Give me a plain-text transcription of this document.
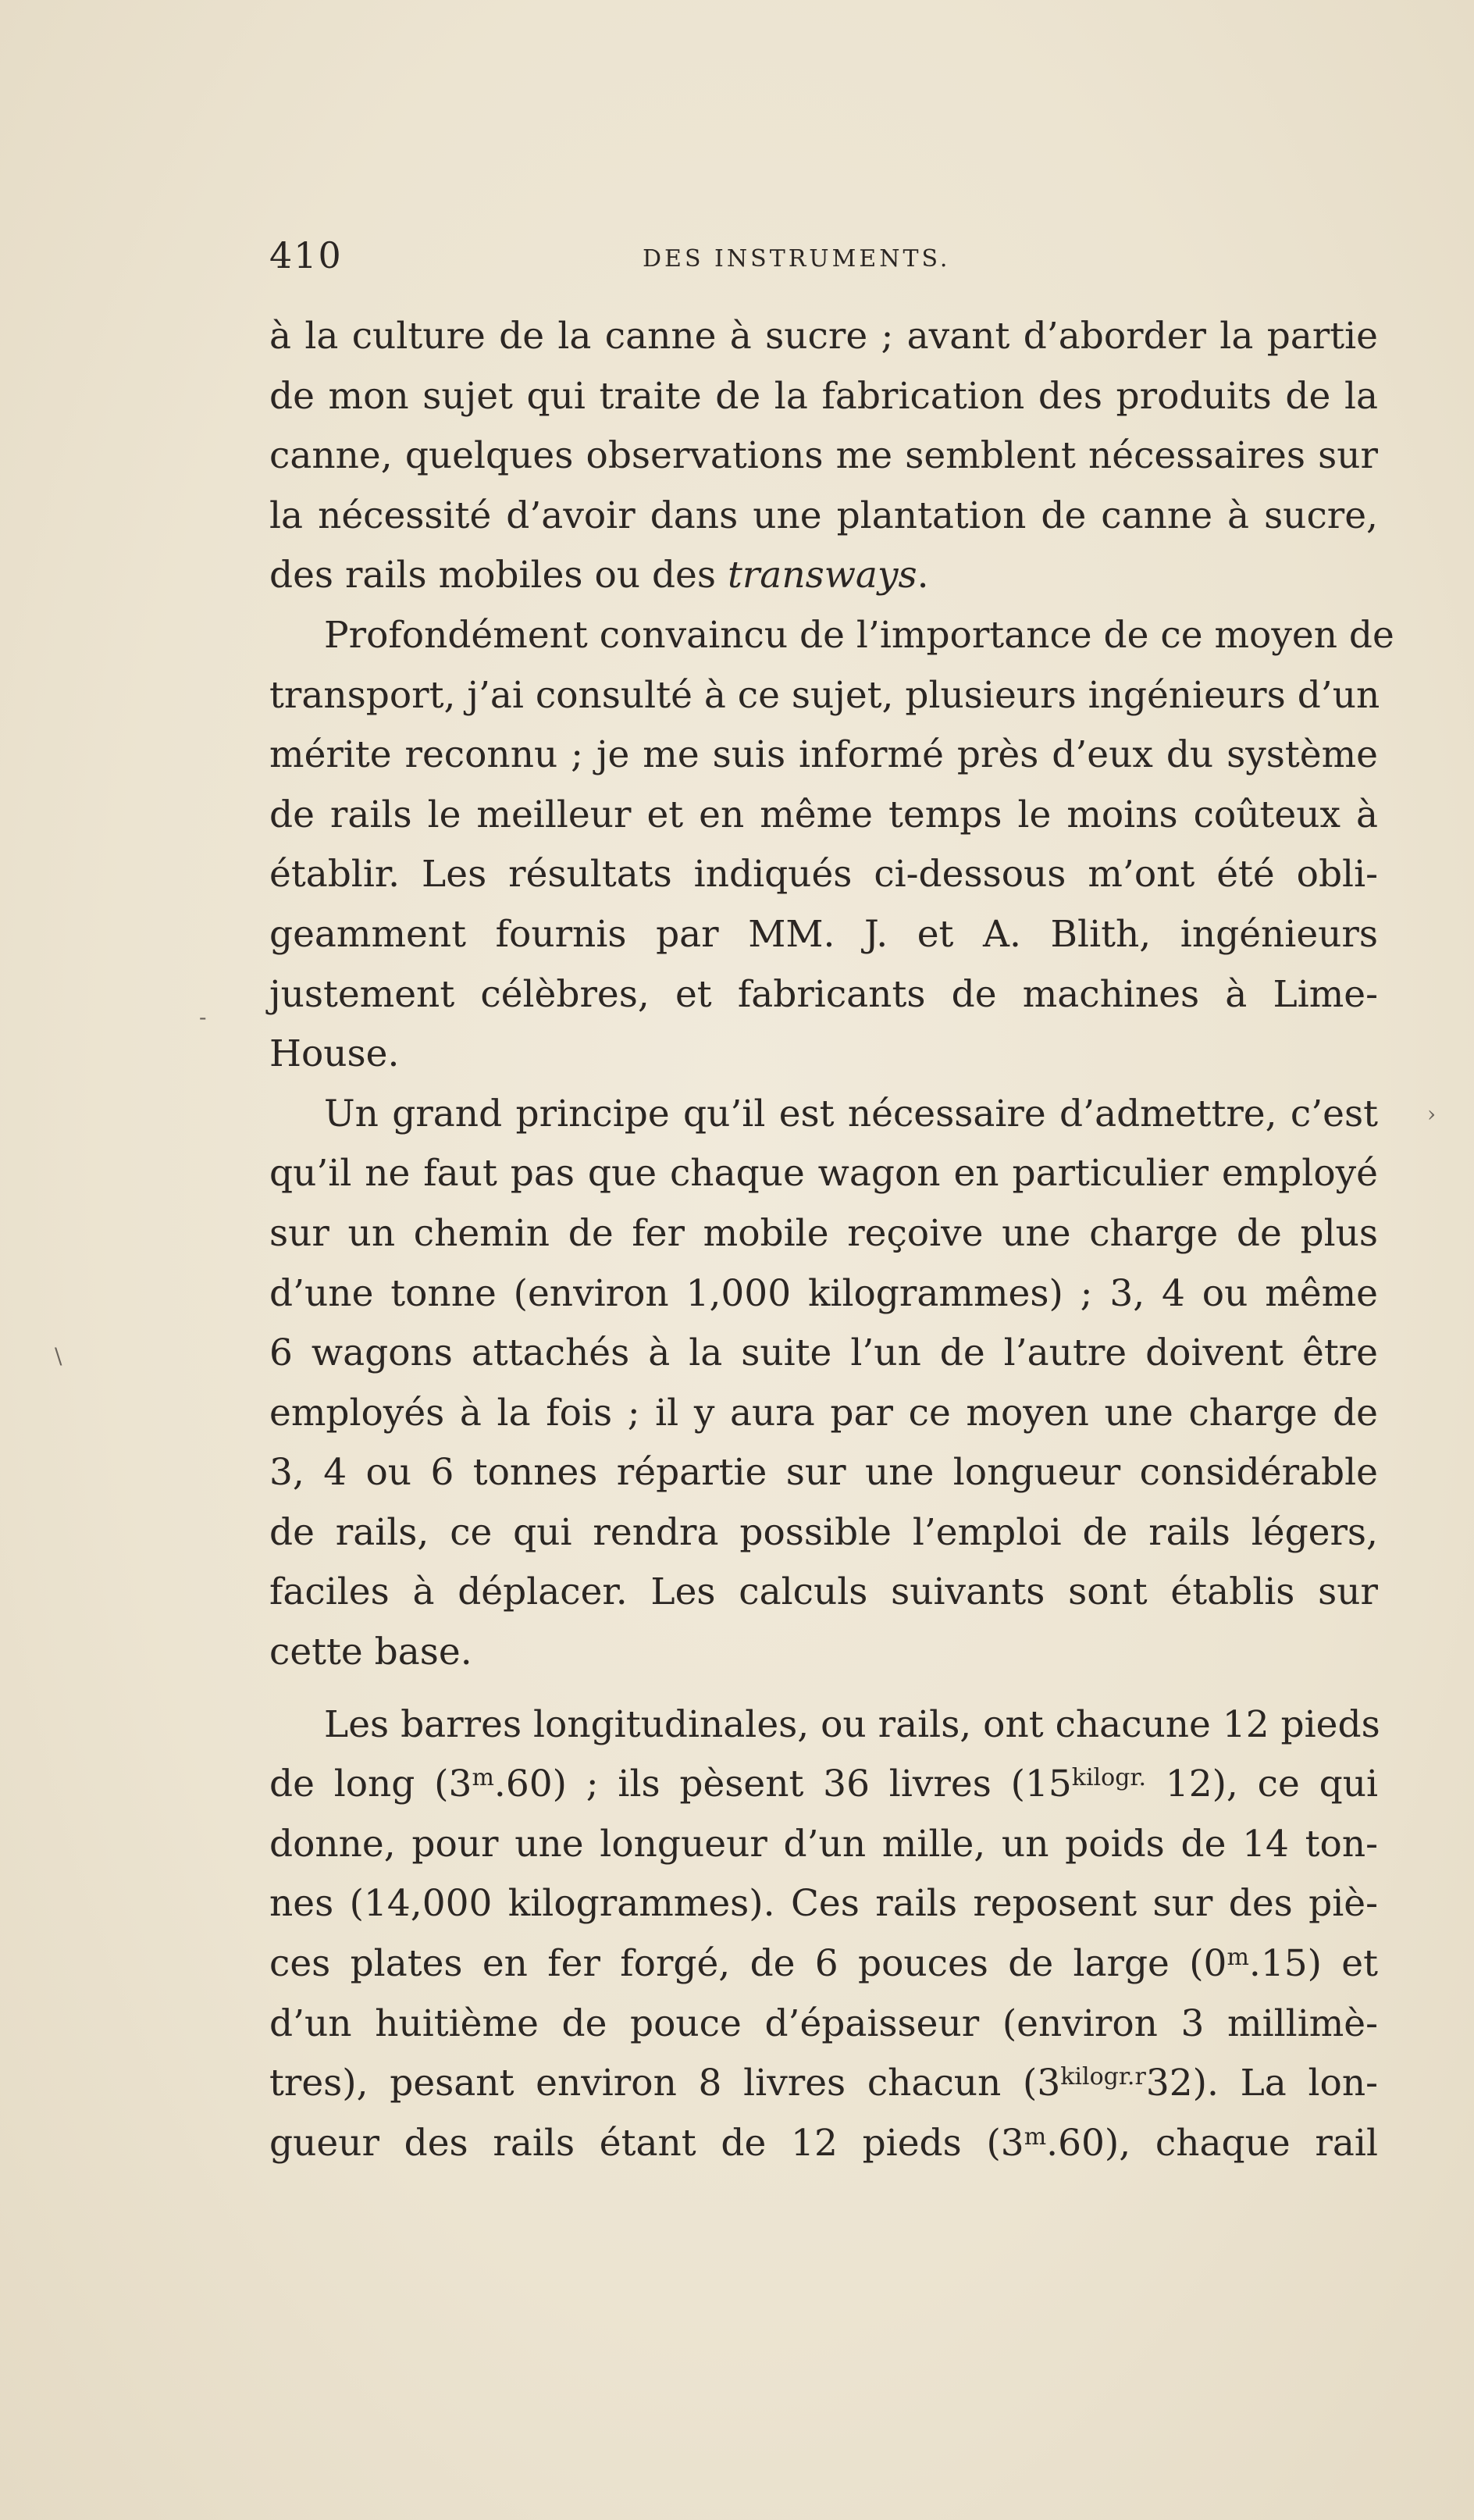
410	DES INSTRUMENTS.
à la culture de la canne à sucre ; avant d’aborder la partie
de mon sujet qui traite de la fabrication des produits de la
canne, quelques observations me semblent nécessaires sur
la nécessité d’avoir dans une plantation de canne à sucre,
des rails mobiles ou des transways.
Profondément convaincu de l’importance de ce moyen de
transport, j’ai consulté à ce sujet, plusieurs ingénieurs d’un
mérite reconnu ; je me suis informé près d’eux du système
de rails le meilleur et en même temps le moins coûteux à
établir. Les résultats indiqués ci-dessous m’ont été obli-
geamment fournis par MM. J. et A. Blith, ingénieurs
justement célèbres, et fabricants de machines à Lime-
House.
Un grand principe qu’il est nécessaire d’admettre, c’est
qu’il ne faut pas que chaque wagon en particulier employé
sur un chemin de fer mobile reçoive une charge de plus
d’une tonne (environ 1,000 kilogrammes) ; 3, 4 ou même
6 wagons attachés à la suite l’un de l’autre doivent être
employés à la fois ; il y aura par ce moyen une charge de
3, 4 ou 6 tonnes répartie sur une longueur considérable
de rails, ce qui rendra possible l’emploi de rails légers,
faciles à déplacer. Les calculs suivants sont établis sur
cette base.
Les barres longitudinales, ou rails, ont chacune 12 pieds
de long (3$^m$.60) ; ils pèsent 36 livres ($15^{kilogr.}$ 12), ce qui
donne, pour une longueur d’un mille, un poids de 14 ton-
nes (14,000 kilogrammes). Ces rails reposent sur des piè-
ces plates en fer forgé, de 6 pouces de large (0$^m$.15) et
d’un huitième de pouce d’épaisseur (environ 3 millimè-
tres), pesant environ 8 livres chacun $(3^{kilogr.r}32)$. La lon-
gueur des rails étant de 12 pieds (3$^m$.60), chaque rail
-
›
\
